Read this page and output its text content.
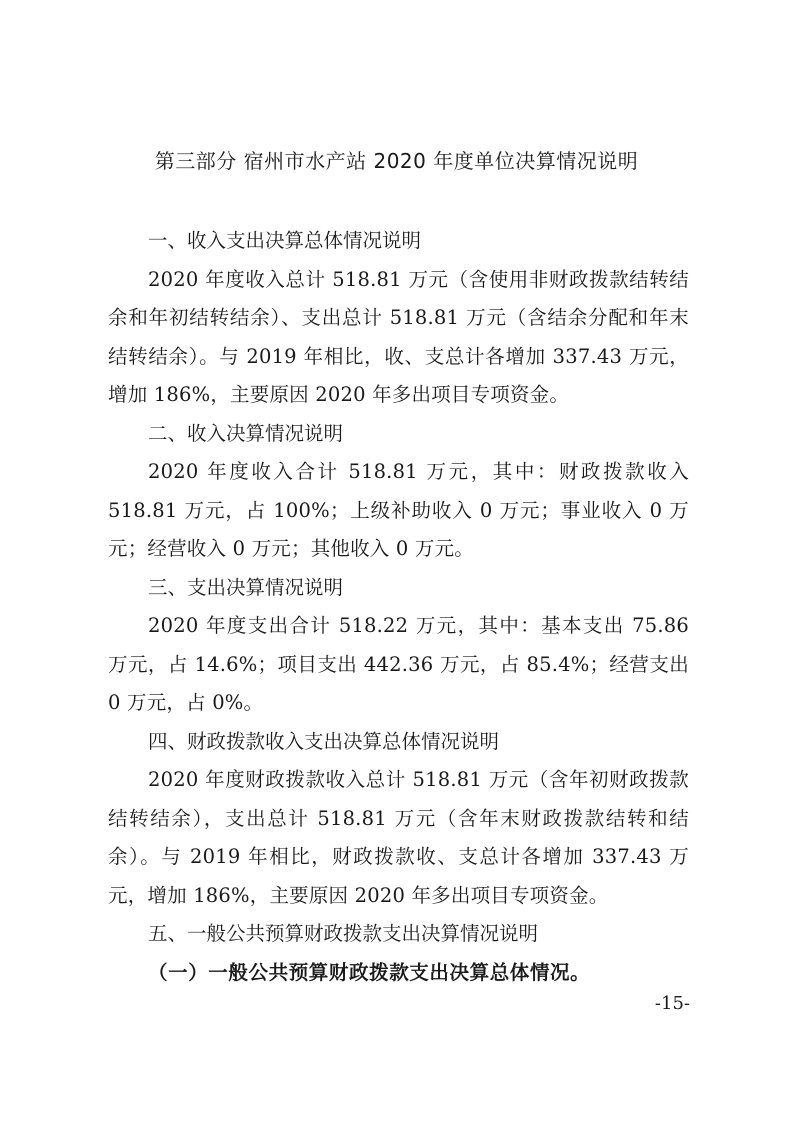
第三部分 宿州市水产站 2020 年度单位决算情况说明

一、收入支出决算总体情况说明

2020 年度收入总计 518.81 万元（含使用非财政拨款结转结余和年初结转结余）、支出总计 518.81 万元（含结余分配和年末结转结余）。与 2019 年相比，收、支总计各增加 337.43 万元，增加 186%，主要原因 2020 年多出项目专项资金。

二、收入决算情况说明

2020 年度收入合计 518.81 万元，其中：财政拨款收入 518.81 万元，占 100%；上级补助收入 0 万元；事业收入 0 万元；经营收入 0 万元；其他收入 0 万元。

三、支出决算情况说明

2020 年度支出合计 518.22 万元，其中：基本支出 75.86 万元，占 14.6%；项目支出 442.36 万元，占 85.4%；经营支出 0 万元，占 0%。

四、财政拨款收入支出决算总体情况说明

2020 年度财政拨款收入总计 518.81 万元（含年初财政拨款结转结余），支出总计 518.81 万元（含年末财政拨款结转和结余）。与 2019 年相比，财政拨款收、支总计各增加 337.43 万元，增加 186%，主要原因 2020 年多出项目专项资金。

五、一般公共预算财政拨款支出决算情况说明

（一）一般公共预算财政拨款支出决算总体情况。

-15-
